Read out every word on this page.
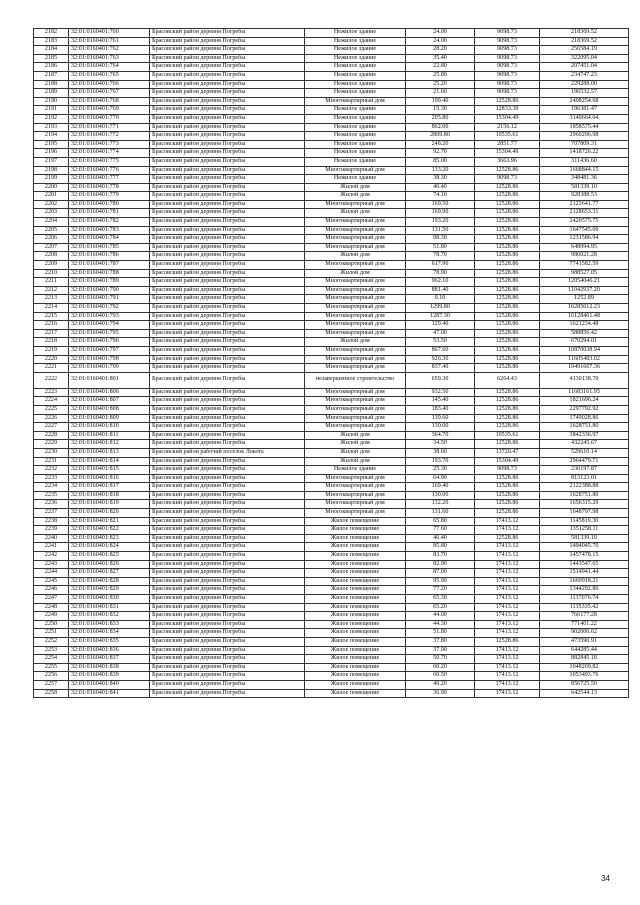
2182	32:01:0160401:760	Брасовский район деревня Погребы	Нежилое здание	24.00	9098.73	218369.52
2183	32:01:0160401:761	Брасовский район деревня Погребы	Нежилое здание	24.00	9098.73	218369.52
2184	32:01:0160401:762	Брасовский район деревня Погребы	Нежилое здание	28.20	9098.73	256584.19
2185	32:01:0160401:763	Брасовский район деревня Погребы	Нежилое здание	35.40	9098.73	322095.04
2186	32:01:0160401:764	Брасовский район деревня Погребы	Нежилое здание	22.80	9098.73	207451.04
2187	32:01:0160401:765	Брасовский район деревня Погребы	Нежилое здание	25.80	9098.73	234747.23
2188	32:01:0160401:766	Брасовский район деревня Погребы	Нежилое здание	25.20	9098.73	229288.00
2189	32:01:0160401:767	Брасовский район деревня Погребы	Нежилое здание	21.60	9098.73	196532.57
2190	32:01:0160401:768	Брасовский район деревня Погребы	Многоквартирный дом	199.40	12528.86	2498254.68
2191	32:01:0160401:769	Брасовский район деревня Погребы	Нежилое здание	15.30	12833.39	196381.47
2192	32:01:0160401:770	Брасовский район деревня Погребы	Нежилое здание	205.80	15304.49	3149664.04
2193	32:01:0160401:771	Брасовский район деревня Погребы	Нежилое здание	862.00	2156.12	1858575.44
2194	32:01:0160401:772	Брасовский район деревня Погребы	Нежилое здание	2809.80	10535.61	2960296.98
2195	32:01:0160401:773	Брасовский район деревня Погребы	Нежилое здание	248.20	2851.77	707809.31
2196	32:01:0160401:774	Брасовский район деревня Погребы	Нежилое здание	92.70	15304.49	1418726.22
2197	32:01:0160401:775	Брасовский район деревня Погребы	Нежилое здание	85.00	3663.96	311436.60
2198	32:01:0160401:776	Брасовский район деревня Погребы	Многоквартирный дом	133.20	12528.86	1668844.15
2199	32:01:0160401:777	Брасовский район деревня Погребы	Нежилое здание	38.30	9098.73	348481.36
2200	32:01:0160401:778	Брасовский район деревня Погребы	Жилой дом	46.40	12528.86	581339.10
2201	32:01:0160401:779	Брасовский район деревня Погребы	Жилой дом	74.10	12528.86	928388.53
2202	32:01:0160401:780	Брасовский район деревня Погребы	Многоквартирный дом	169.50	12528.86	2123641.77
2203	32:01:0160401:781	Брасовский район деревня Погребы	Жилой дом	169.90	12528.86	2128653.31
2204	32:01:0160401:782	Брасовский район деревня Погребы	Многоквартирный дом	193.20	12528.86	2420575.75
2205	32:01:0160401:783	Брасовский район деревня Погребы	Многоквартирный дом	131.50	12528.86	1647545.09
2206	32:01:0160401:784	Брасовский район деревня Погребы	Многоквартирный дом	98.30	12528.86	1231586.94
2207	32:01:0160401:785	Брасовский район деревня Погребы	Многоквартирный дом	51.80	12528.86	648994.95
2208	32:01:0160401:786	Брасовский район деревня Погребы	Жилой дом	78.70	12528.86	986021.28
2209	32:01:0160401:787	Брасовский район деревня Погребы	Многоквартирный дом	617.90	12528.86	7741582.59
2210	32:01:0160401:788	Брасовский район деревня Погребы	Жилой дом	78.90	12528.86	988527.05
2211	32:01:0160401:789	Брасовский район деревня Погребы	Многоквартирный дом	962.10	12528.86	12054046.21
2212	32:01:0160401:790	Брасовский район деревня Погребы	Многоквартирный дом	881.40	12528.86	11042937.20
2213	32:01:0160401:791	Брасовский район деревня Погребы	Многоквартирный дом	0.10	12528.86	1252.89
2214	32:01:0160401:792	Брасовский район деревня Погребы	Многоквартирный дом	1299.80	12528.86	16285012.23
2215	32:01:0160401:793	Брасовский район деревня Погребы	Многоквартирный дом	1287.30	12528.86	16128401.48
2216	32:01:0160401:794	Брасовский район деревня Погребы	Многоквартирный дом	129.40	12528.86	1621234.48
2217	32:01:0160401:795	Брасовский район деревня Погребы	Многоквартирный дом	47.00	12528.86	588856.42
2218	32:01:0160401:796	Брасовский район деревня Погребы	Жилой дом	53.50	12528.86	670294.01
2219	32:01:0160401:797	Брасовский район деревня Погребы	Многоквартирный дом	867.60	12528.86	10870038.94
2220	32:01:0160401:798	Брасовский район деревня Погребы	Многоквартирный дом	926.30	12528.86	11605483.02
2221	32:01:0160401:799	Брасовский район деревня Погребы	Многоквартирный дом	837.40	12528.86	10491667.36
2222	32:01:0160401:801	Брасовский район деревня Погребы	незавершенное строительство	659.30	6264.43	4130138.70
2223	32:01:0160401:806	Брасовский район деревня Погребы	Многоквартирный дом	932.50	12528.86	11683161.95
2224	32:01:0160401:807	Брасовский район деревня Погребы	Многоквартирный дом	145.40	12528.86	1821696.24
2225	32:01:0160401:808	Брасовский район деревня Погребы	Многоквартирный дом	183.40	12528.86	2297792.92
2226	32:01:0160401:809	Брасовский район деревня Погребы	Многоквартирный дом	139.60	12528.86	1749028.86
2227	32:01:0160401:810	Брасовский район деревня Погребы	Многоквартирный дом	130.00	12528.86	1628751.80
2228	32:01:0160401:811	Брасовский район деревня Погребы	Жилой дом	364.70	10535.61	3842336.97
2229	32:01:0160401:812	Брасовский район деревня Погребы	Жилой дом	34.50	12528.86	432245.67
2230	32:01:0160401:813	Брасовский район рабочий поселок Локоть	Жилой дом	38.60	13720.47	529610.14
2231	32:01:0160401:814	Брасовский район деревня Погребы	Жилой дом	193.70	15304.49	2964479.71
2232	32:01:0160401:815	Брасовский район деревня Погребы	Нежилое здание	25.30	9098.73	230197.87
2233	32:01:0160401:816	Брасовский район деревня Погребы	Многоквартирный дом	64.90	12528.86	813123.01
2234	32:01:0160401:817	Брасовский район деревня Погребы	Многоквартирный дом	169.40	12528.86	2122388.88
2235	32:01:0160401:818	Брасовский район деревня Погребы	Многоквартирный дом	130.00	12528.86	1628751.80
2236	32:01:0160401:819	Брасовский район деревня Погребы	Многоквартирный дом	132.20	12528.86	1656315.29
2237	32:01:0160401:820	Брасовский район деревня Погребы	Многоквартирный дом	131.60	12528.86	1648797.98
2238	32:01:0160401:821	Брасовский район деревня Погребы	Жилое помещение	65.80	17413.12	1145819.30
2239	32:01:0160401:822	Брасовский район деревня Погребы	Жилое помещение	77.60	17413.12	1351258.11
2240	32:01:0160401:823	Брасовский район деревня Погребы	Жилое помещение	46.40	12528.86	581339.10
2241	32:01:0160401:824	Брасовский район деревня Погребы	Жилое помещение	85.80	17413.12	1494045.70
2242	32:01:0160401:825	Брасовский район деревня Погребы	Жилое помещение	83.70	17413.12	1457478.15
2243	32:01:0160401:826	Брасовский район деревня Погребы	Жилое помещение	82.90	17413.12	1443547.65
2244	32:01:0160401:827	Брасовский район деревня Погребы	Жилое помещение	87.00	17413.12	1514941.44
2245	32:01:0160401:828	Брасовский район деревня Погребы	Жилое помещение	95.90	17413.12	1669918.21
2246	32:01:0160401:829	Брасовский район деревня Погребы	Жилое помещение	77.20	17413.12	1344292.86
2247	32:01:0160401:830	Брасовский район деревня Погребы	Жилое помещение	65.30	17413.12	1137076.74
2248	32:01:0160401:831	Брасовский район деревня Погребы	Жилое помещение	65.20	17413.12	1135335.42
2249	32:01:0160401:832	Брасовский район деревня Погребы	Жилое помещение	44.00	17413.12	766177.28
2250	32:01:0160401:833	Брасовский район деревня Погребы	Жилое помещение	44.30	17413.12	771401.22
2251	32:01:0160401:834	Брасовский район деревня Погребы	Жилое помещение	51.80	17413.12	902000.62
2252	32:01:0160401:835	Брасовский район деревня Погребы	Жилое помещение	37.80	12528.86	473590.91
2253	32:01:0160401:836	Брасовский район деревня Погребы	Жилое помещение	37.00	17413.12	644285.44
2254	32:01:0160401:837	Брасовский район деревня Погребы	Жилое помещение	50.70	17413.12	882845.18
2255	32:01:0160401:838	Брасовский район деревня Погребы	Жилое помещение	60.20	17413.12	1048269.82
2256	32:01:0160401:839	Брасовский район деревня Погребы	Жилое помещение	60.50	17413.12	1053493.76
2257	32:01:0160401:840	Брасовский район деревня Погребы	Жилое помещение	49.20	17413.12	856725.50
2258	32:01:0160401:841	Брасовский район деревня Погребы	Жилое помещение	36.90	17413.12	642544.13
34
